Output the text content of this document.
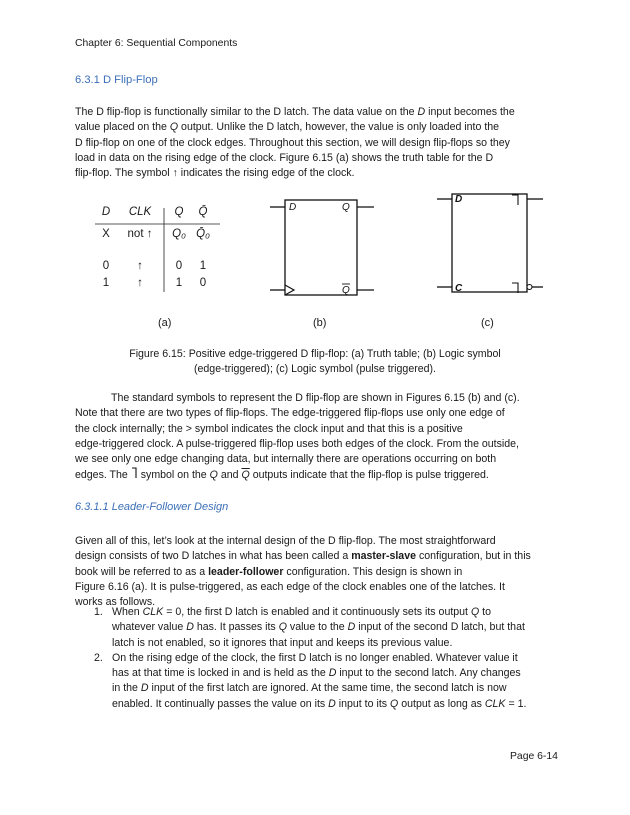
Chapter 6: Sequential Components
6.3.1 D Flip-Flop

The D flip-flop is functionally similar to the D latch. The data value on the D input becomes the

value placed on the Q output. Unlike the D latch, however, the value is only loaded into the

D flip-flop on one of the clock edges. Throughout this section, we will design flip-flops so they

load in data on the rising edge of the clock. Figure 6.15 (a) shows the truth table for the D

flip-flop. The symbol ↑ indicates the rising edge of the clock.

D	CLK	Q	Q̄
X	not ↑	Q₀ Q̄₀
0	↑	0	1
1	↑	1	0
D	Q
Q
D
C
(a)	(b)	(c)
Figure 6.15: Positive edge-triggered D flip-flop: (a) Truth table; (b) Logic symbol
(edge-triggered); (c) Logic symbol (pulse triggered).

The standard symbols to represent the D flip-flop are shown in Figures 6.15 (b) and (c).

Note that there are two types of flip-flops. The edge-triggered flip-flops use only one edge of

the clock internally; the > symbol indicates the clock input and that this is a positive

edge-triggered clock. A pulse-triggered flip-flop uses both edges of the clock. From the outside,

we see only one edge changing data, but internally there are operations occurring on both

edges. The symbol on the Q and $\overline{Q}$ outputs indicate that the flip-flop is pulse triggered.

6.3.1.1 Leader-Follower Design

Given all of this, let’s look at the internal design of the D flip-flop. The most straightforward

design consists of two D latches in what has been called a master-slave configuration, but in this

book will be referred to as a leader-follower configuration. This design is shown in

Figure 6.16 (a). It is pulse-triggered, as each edge of the clock enables one of the latches. It

works as follows.

1. When CLK = 0, the first D latch is enabled and it continuously sets its output Q to

whatever value D has. It passes its Q value to the D input of the second D latch, but that

latch is not enabled, so it ignores that input and keeps its previous value.

2. On the rising edge of the clock, the first D latch is no longer enabled. Whatever value it

has at that time is locked in and is held as the D input to the second latch. Any changes

in the D input of the first latch are ignored. At the same time, the second latch is now

enabled. It continually passes the value on its D input to its Q output as long as CLK = 1.

Page 6-14
